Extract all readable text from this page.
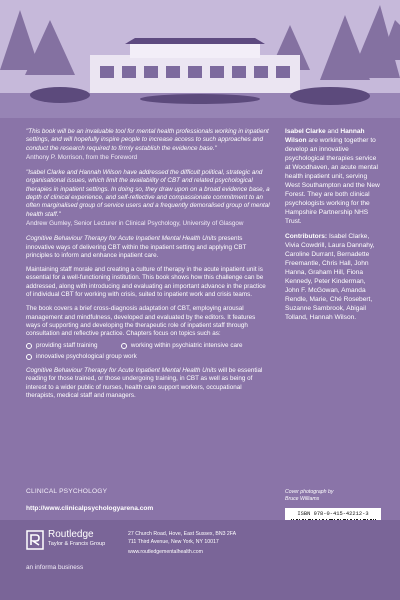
"This book will be an invaluable tool for mental health professionals working in inpatient settings, and will hopefully inspire people to increase access to such approaches and conduct the research required to firmly establish the evidence base."
Anthony P. Morrison, from the Foreword
"Isabel Clarke and Hannah Wilson have addressed the difficult political, strategic and organisational issues, which limit the availability of CBT and related psychological therapies in inpatient settings. In doing so, they draw upon on a broad evidence base, a depth of clinical experience, and self-reflective and compassionate commitment to an often marginalised group of service users and a frequently demoralised group of mental health staff."
Andrew Gumley, Senior Lecturer in Clinical Psychology, University of Glasgow
Cognitive Behaviour Therapy for Acute Inpatient Mental Health Units presents innovative ways of delivering CBT within the inpatient setting and applying CBT principles to inform and enhance inpatient care.
Maintaining staff morale and creating a culture of therapy in the acute inpatient unit is essential for a well-functioning institution. This book shows how this challenge can be addressed, along with introducing and evaluating an important advance in the practice of individual CBT for working with crisis, suited to inpatient work and crisis teams.
The book covers a brief cross-diagnosis adaptation of CBT, employing arousal management and mindfulness, developed and evaluated by the editors. It features ways of supporting and developing the therapeutic role of inpatient staff through consultation and reflective practice. Chapters focus on topics such as:
providing staff training	working within psychiatric intensive care
innovative psychological group work
Cognitive Behaviour Therapy for Acute Inpatient Mental Health Units will be essential reading for those trained, or those undergoing training, in CBT as well as being of interest to a wider public of nurses, health care support workers, occupational therapists, medical staff and managers.

Isabel Clarke and Hannah Wilson are working together to develop an innovative psychological therapies service at Woodhaven, an acute mental health inpatient unit, serving West Southampton and the New Forest. They are both clinical psychologists working for the Hampshire Partnership NHS Trust.

Contributors: Isabel Clarke, Vivia Cowdrill, Laura Dannahy, Caroline Durrant, Bernadette Freemantle, Chris Hall, John Hanna, Graham Hill, Fiona Kennedy, Peter Kinderman, John F. McGowan, Amanda Rendle, Marie, Ché Rosebert, Suzanne Sambrook, Abigail Tolland, Hannah Wilson.

Cover photograph by
Bruce Williams
ISBN 978-0-415-42212-3
CLINICAL PSYCHOLOGY
http://www.clinicalpsychologyarena.com
Routledge
Taylor & Francis Group
an informa business
27 Church Road, Hove, East Sussex, BN3 2FA
711 Third Avenue, New York, NY 10017
www.routledgementalhealth.com
